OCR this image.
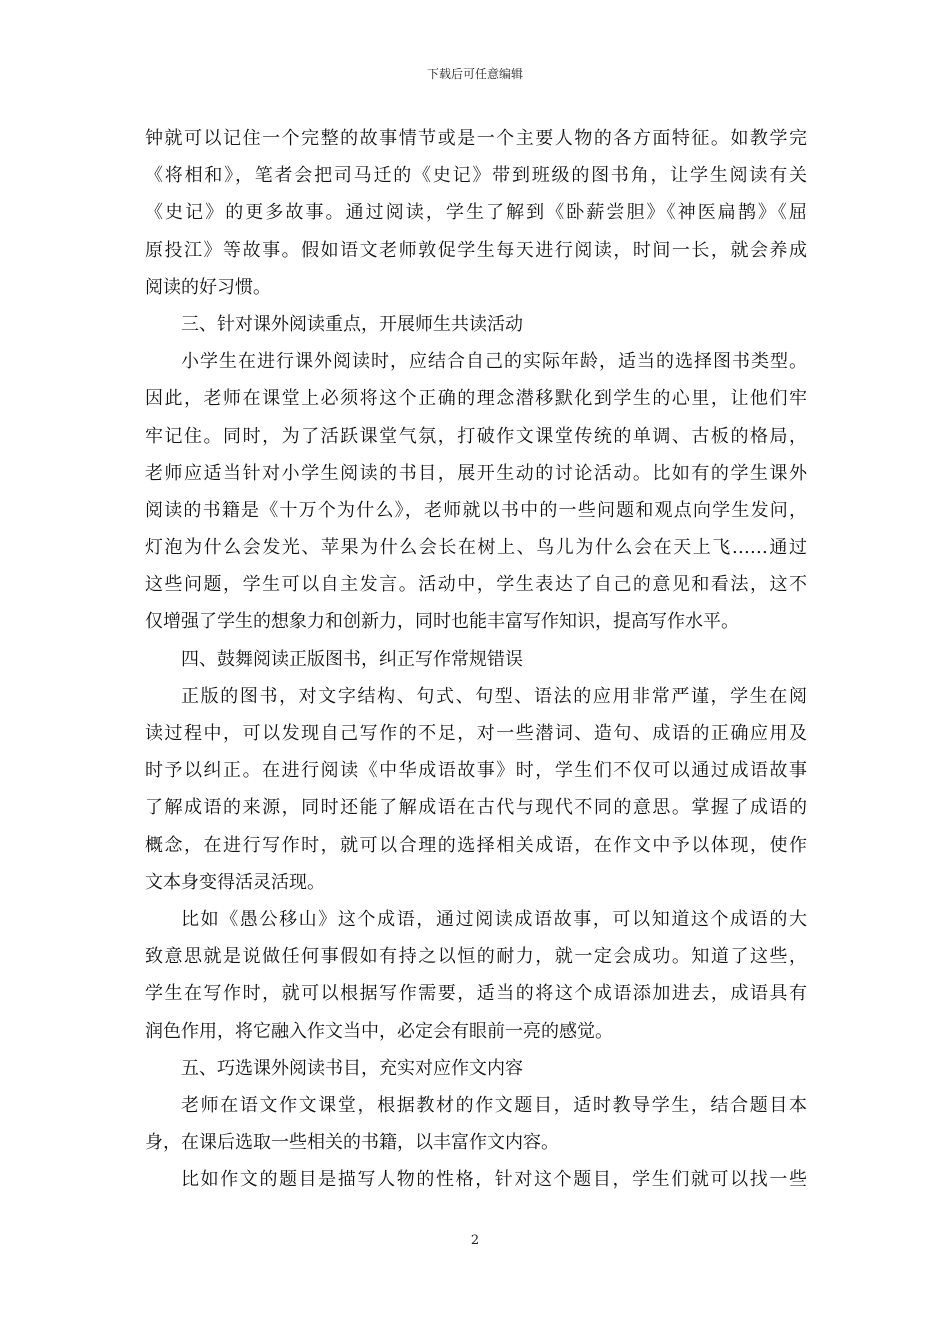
下载后可任意编辑
钟就可以记住一个完整的故事情节或是一个主要人物的各方面特征。如教学完
《将相和》，笔者会把司马迁的《史记》带到班级的图书角，让学生阅读有关
《史记》的更多故事。通过阅读，学生了解到《卧薪尝胆》《神医扁鹊》《屈
原投江》等故事。假如语文老师敦促学生每天进行阅读，时间一长，就会养成
阅读的好习惯。
三、针对课外阅读重点，开展师生共读活动
小学生在进行课外阅读时，应结合自己的实际年龄，适当的选择图书类型。
因此，老师在课堂上必须将这个正确的理念潜移默化到学生的心里，让他们牢
牢记住。同时，为了活跃课堂气氛，打破作文课堂传统的单调、古板的格局，
老师应适当针对小学生阅读的书目，展开生动的讨论活动。比如有的学生课外
阅读的书籍是《十万个为什么》，老师就以书中的一些问题和观点向学生发问，
灯泡为什么会发光、苹果为什么会长在树上、鸟儿为什么会在天上飞……通过
这些问题，学生可以自主发言。活动中，学生表达了自己的意见和看法，这不
仅增强了学生的想象力和创新力，同时也能丰富写作知识，提高写作水平。
四、鼓舞阅读正版图书，纠正写作常规错误
正版的图书，对文字结构、句式、句型、语法的应用非常严谨，学生在阅
读过程中，可以发现自己写作的不足，对一些潜词、造句、成语的正确应用及
时予以纠正。在进行阅读《中华成语故事》时，学生们不仅可以通过成语故事
了解成语的来源，同时还能了解成语在古代与现代不同的意思。掌握了成语的
概念，在进行写作时，就可以合理的选择相关成语，在作文中予以体现，使作
文本身变得活灵活现。
比如《愚公移山》这个成语，通过阅读成语故事，可以知道这个成语的大
致意思就是说做任何事假如有持之以恒的耐力，就一定会成功。知道了这些，
学生在写作时，就可以根据写作需要，适当的将这个成语添加进去，成语具有
润色作用，将它融入作文当中，必定会有眼前一亮的感觉。
五、巧选课外阅读书目，充实对应作文内容
老师在语文作文课堂，根据教材的作文题目，适时教导学生，结合题目本
身，在课后选取一些相关的书籍，以丰富作文内容。
比如作文的题目是描写人物的性格，针对这个题目，学生们就可以找一些
2
